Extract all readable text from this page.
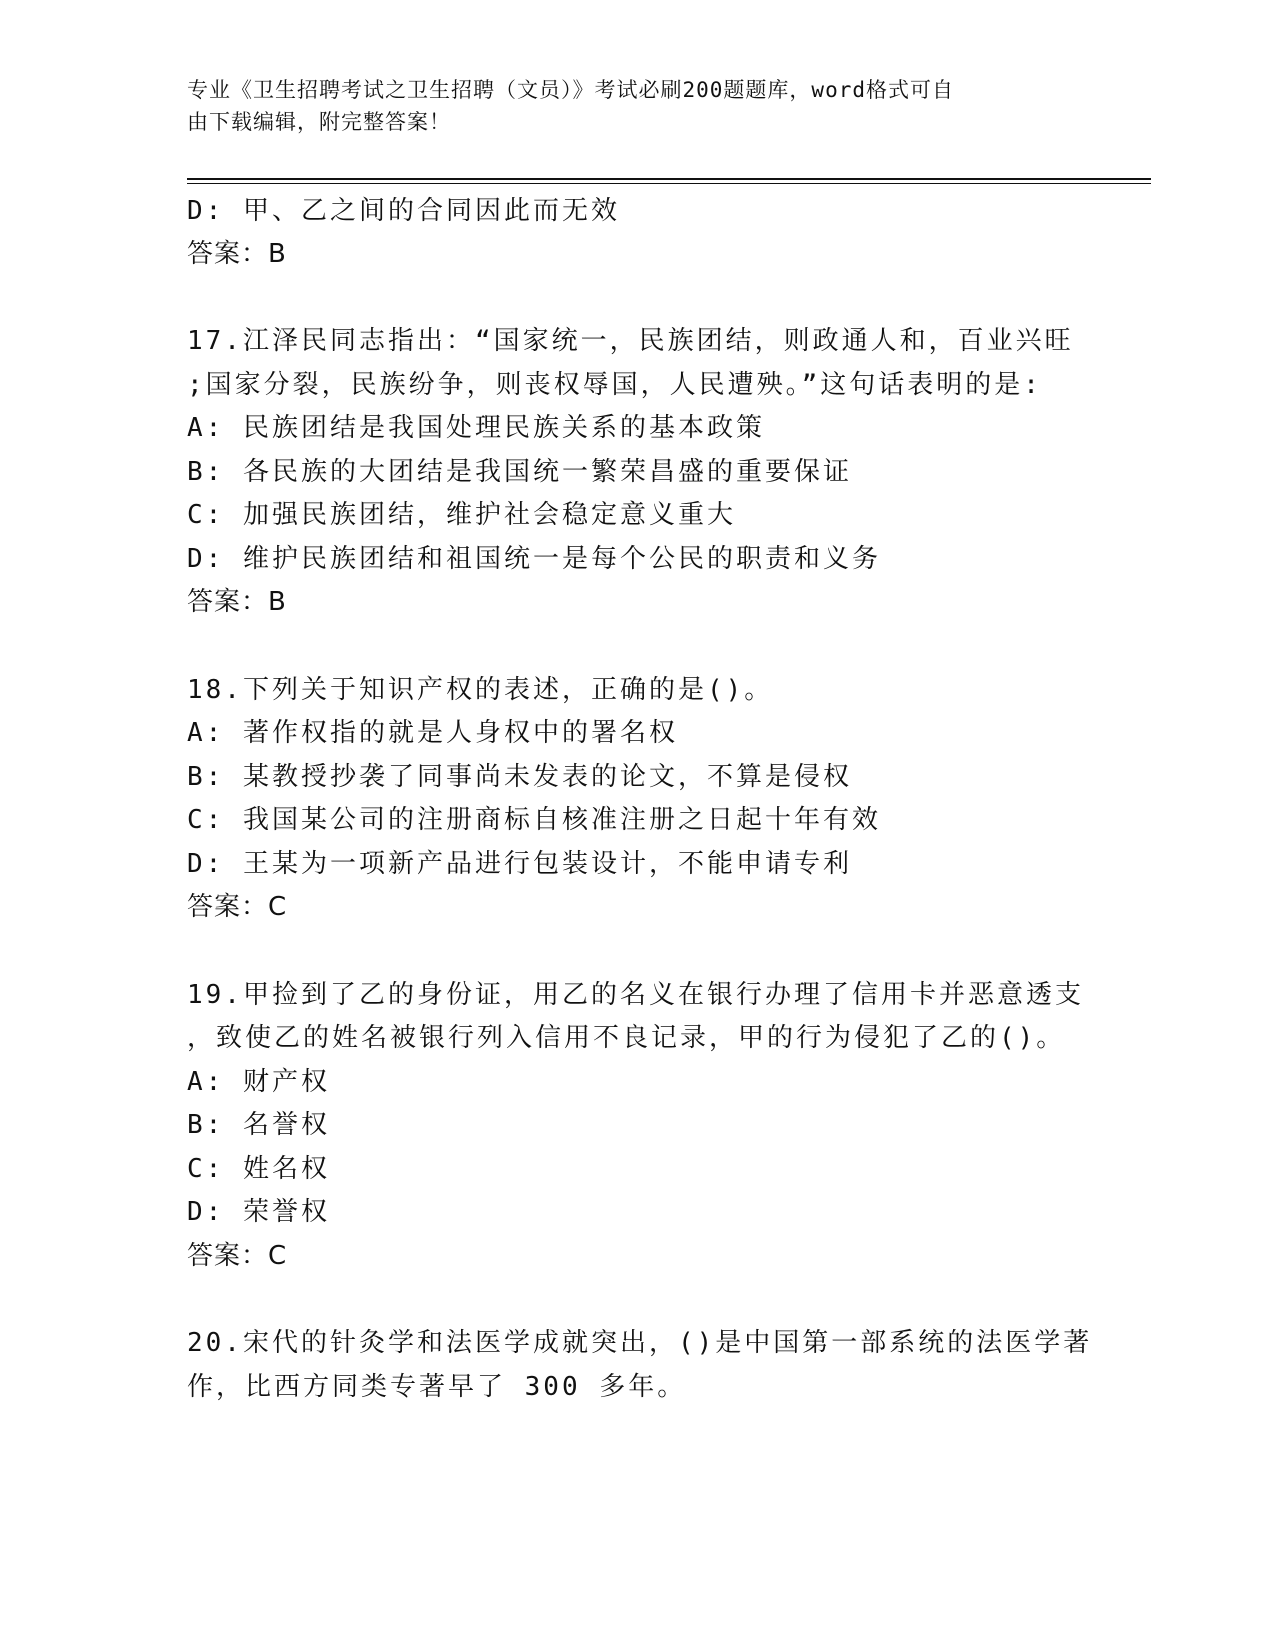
专业《卫生招聘考试之卫生招聘（文员）》考试必刷200题题库，word格式可自
由下载编辑，附完整答案！
D: 甲、乙之间的合同因此而无效
答案：B
17.江泽民同志指出：“国家统一，民族团结，则政通人和，百业兴旺
;国家分裂，民族纷争，则丧权辱国，人民遭殃。”这句话表明的是:
A: 民族团结是我国处理民族关系的基本政策
B: 各民族的大团结是我国统一繁荣昌盛的重要保证
C: 加强民族团结，维护社会稳定意义重大
D: 维护民族团结和祖国统一是每个公民的职责和义务
答案：B
18.下列关于知识产权的表述，正确的是()。
A: 著作权指的就是人身权中的署名权
B: 某教授抄袭了同事尚未发表的论文，不算是侵权
C: 我国某公司的注册商标自核准注册之日起十年有效
D: 王某为一项新产品进行包装设计，不能申请专利
答案：C
19.甲捡到了乙的身份证，用乙的名义在银行办理了信用卡并恶意透支
，致使乙的姓名被银行列入信用不良记录，甲的行为侵犯了乙的()。
A: 财产权
B: 名誉权
C: 姓名权
D: 荣誉权
答案：C
20.宋代的针灸学和法医学成就突出，()是中国第一部系统的法医学著
作，比西方同类专著早了 300 多年。
